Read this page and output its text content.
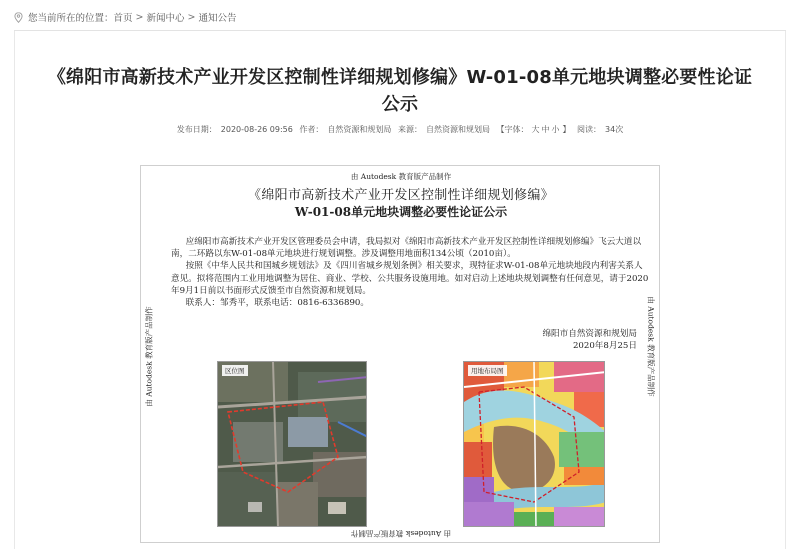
您当前所在的位置： 首页 > 新闻中心 > 通知公告
《绵阳市高新技术产业开发区控制性详细规划修编》W-01-08单元地块调整必要性论证
公示
发布日期： 2020-08-26 09:56 作者： 自然资源和规划局 来源： 自然资源和规划局 【字体： 大 中 小 】 阅读： 34次
由 Autodesk 教育版产品制作
由 Autodesk 教育版产品制作	由 Autodesk 教育版产品制作
由 Autodesk 教育版产品制作
《绵阳市高新技术产业开发区控制性详细规划修编》
W-01-08单元地块调整必要性论证公示

应绵阳市高新技术产业开发区管理委员会申请，我局拟对《绵阳市高新技术产业开发区控制性详细规划修编》飞云大道以南，二环路以东W-01-08单元地块进行规划调整。涉及调整用地面积134公顷（2010亩）。

按照《中华人民共和国城乡规划法》及《四川省城乡规划条例》相关要求，现特征求W-01-08单元地块地段内利害关系人意见。拟将范围内工业用地调整为居住、商业、学校、公共服务设施用地。如对启动上述地块规划调整有任何意见，请于2020年9月1日前以书面形式反馈至市自然资源和规划局。

联系人：邹秀平，联系电话：0816-6336890。

绵阳市自然资源和规划局
2020年8月25日
区位图	用地布局图
